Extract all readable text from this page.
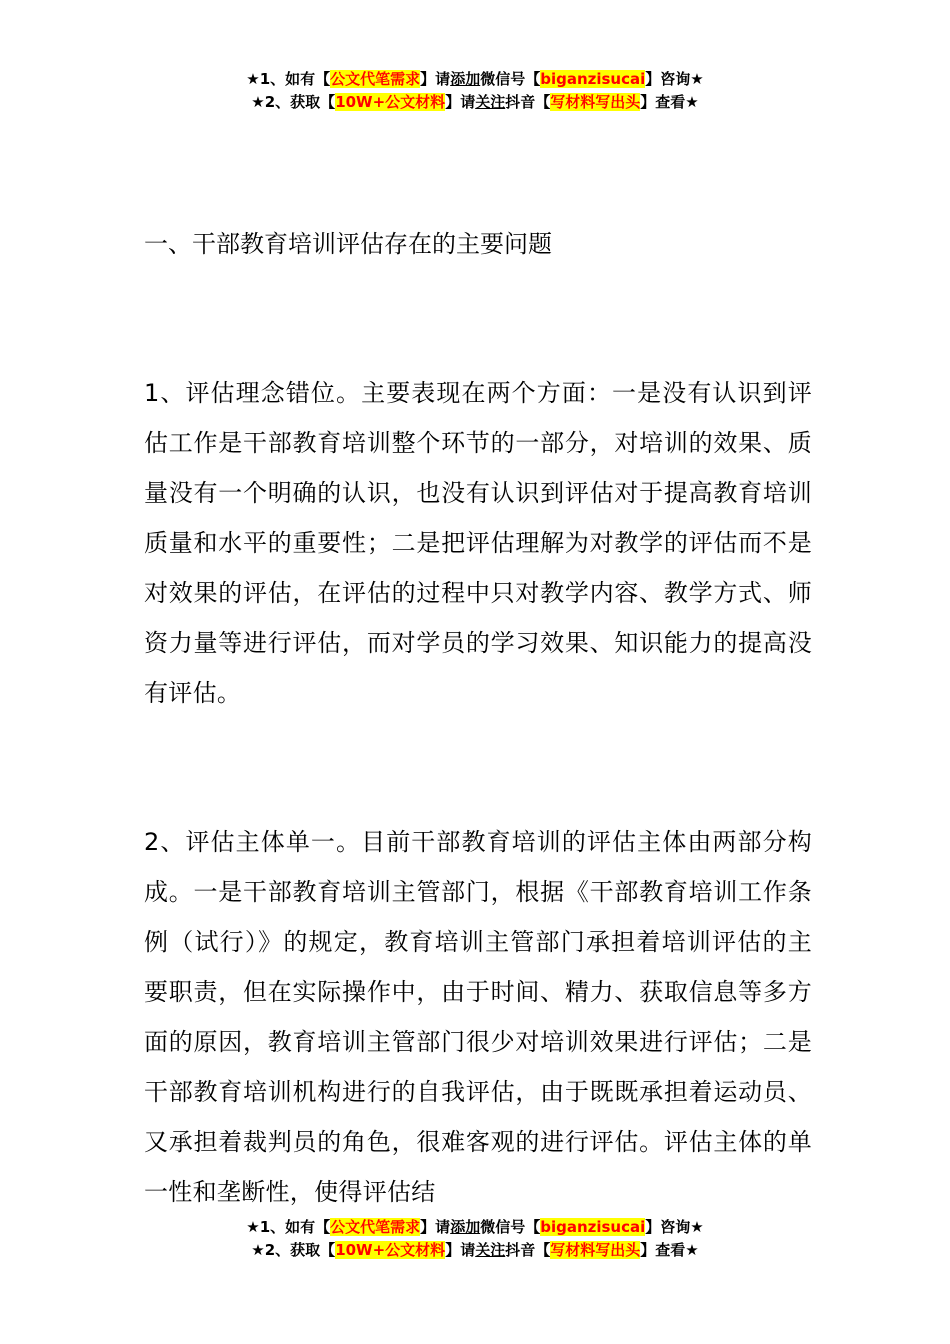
★1、如有【公文代笔需求】请添加微信号【biganzisucai】咨询★
★2、获取【10W+公文材料】请关注抖音【写材料写出头】查看★
一、干部教育培训评估存在的主要问题

1、评估理念错位。主要表现在两个方面：一是没有认识到评估工作是干部教育培训整个环节的一部分，对培训的效果、质量没有一个明确的认识，也没有认识到评估对于提高教育培训质量和水平的重要性；二是把评估理解为对教学的评估而不是对效果的评估，在评估的过程中只对教学内容、教学方式、师资力量等进行评估，而对学员的学习效果、知识能力的提高没有评估。

2、评估主体单一。目前干部教育培训的评估主体由两部分构成。一是干部教育培训主管部门，根据《干部教育培训工作条例（试行）》的规定，教育培训主管部门承担着培训评估的主要职责，但在实际操作中，由于时间、精力、获取信息等多方面的原因，教育培训主管部门很少对培训效果进行评估；二是干部教育培训机构进行的自我评估，由于既既承担着运动员、又承担着裁判员的角色，很难客观的进行评估。评估主体的单一性和垄断性，使得评估结

★1、如有【公文代笔需求】请添加微信号【biganzisucai】咨询★
★2、获取【10W+公文材料】请关注抖音【写材料写出头】查看★
